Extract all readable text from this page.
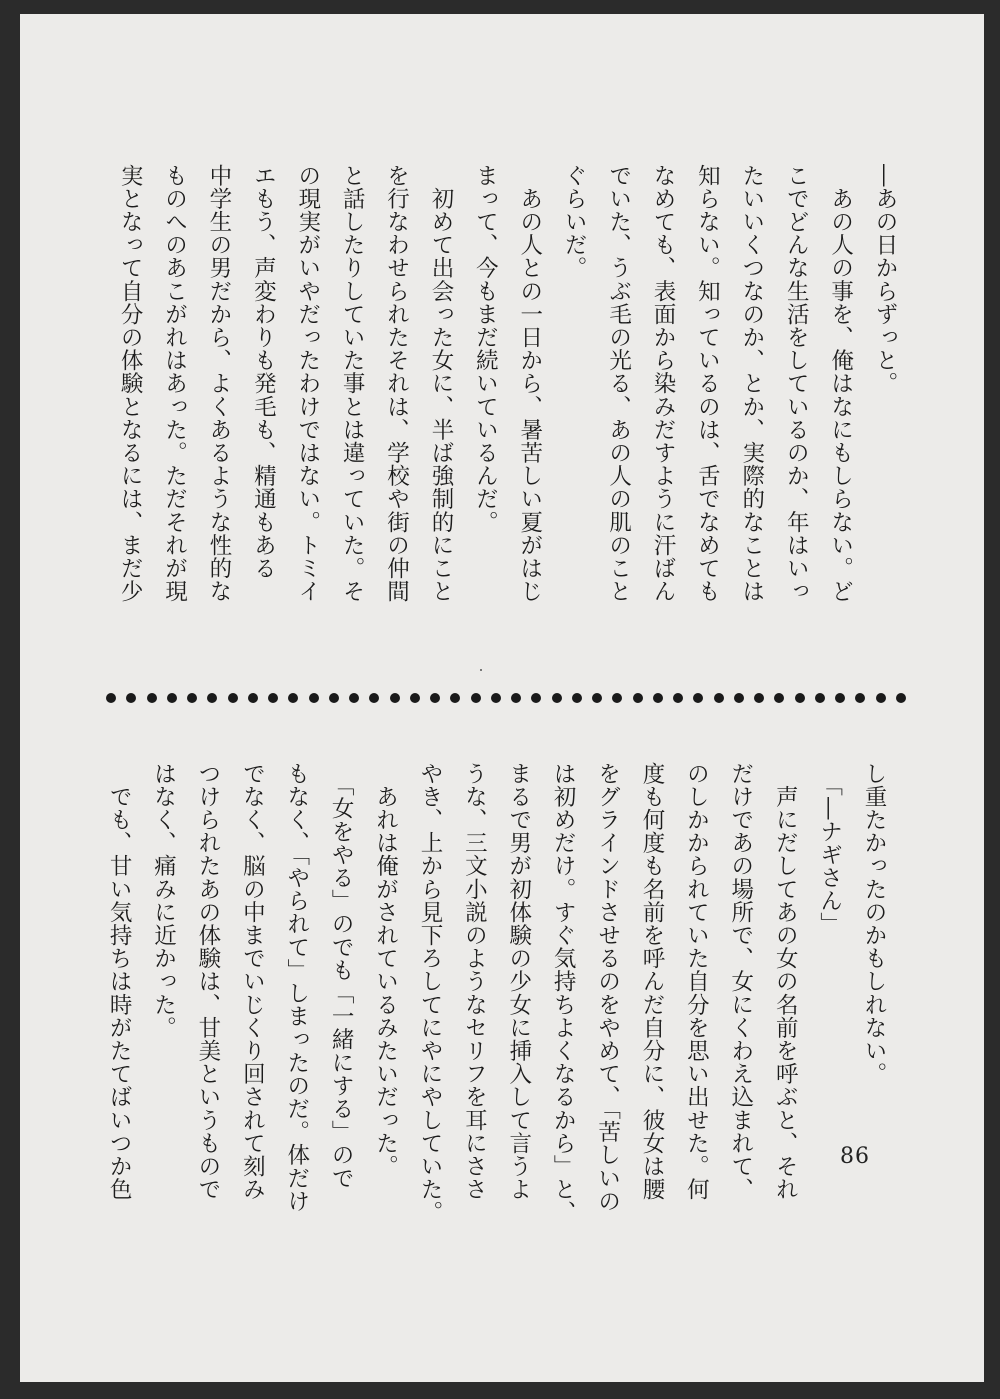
―あの日からずっと。
　あの人の事を、俺はなにもしらない。ど
こでどんな生活をしているのか、年はいっ
たいいくつなのか、とか、実際的なことは
知らない。知っているのは、舌でなめても
なめても、表面から染みだすように汗ばん
でいた、うぶ毛の光る、あの人の肌のこと
ぐらいだ。
　あの人との一日から、暑苦しい夏がはじ
まって、今もまだ続いているんだ。
　初めて出会った女に、半ば強制的にこと
を行なわせられたそれは、学校や街の仲間
と話したりしていた事とは違っていた。そ
の現実がいやだったわけではない。トミイ
エもう、声変わりも発毛も、精通もある
中学生の男だから、よくあるような性的な
ものへのあこがれはあった。ただそれが現
実となって自分の体験となるには、まだ少
し重たかったのかもしれない。
　「―ナギさん」
　声にだしてあの女の名前を呼ぶと、それ
だけであの場所で、女にくわえ込まれて、
のしかかられていた自分を思い出せた。何
度も何度も名前を呼んだ自分に、彼女は腰
をグラインドさせるのをやめて、「苦しいの
は初めだけ。すぐ気持ちよくなるから」と、
まるで男が初体験の少女に挿入して言うよ
うな、三文小説のようなセリフを耳にささ
やき、上から見下ろしてにやにやしていた。
　あれは俺がされているみたいだった。
　「女をやる」のでも「一緒にする」ので
もなく、「やられて」しまったのだ。体だけ
でなく、脳の中までいじくり回されて刻み
つけられたあの体験は、甘美というもので
はなく、痛みに近かった。
　でも、甘い気持ちは時がたてばいつか色	86
